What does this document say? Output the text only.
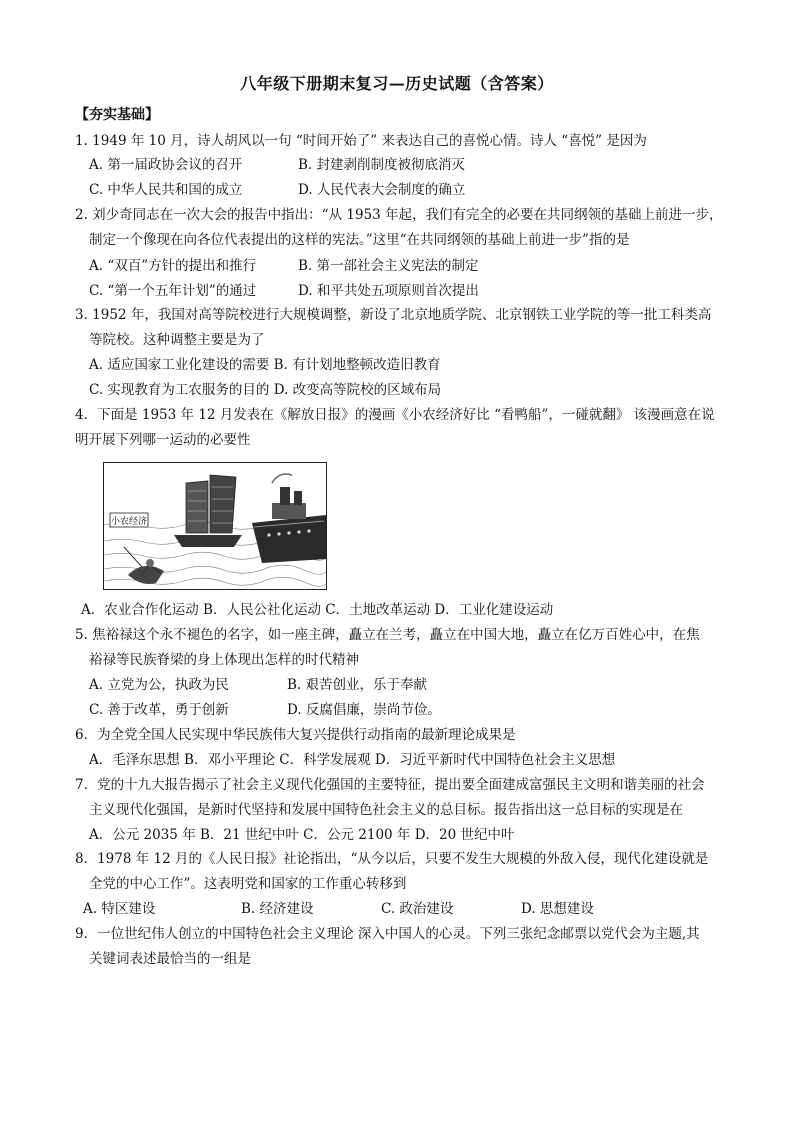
八年级下册期末复习—历史试题（含答案）
【夯实基础】
1. 1949 年 10 月，诗人胡风以一句 “时间开始了” 来表达自己的喜悦心情。诗人 “喜悦” 是因为
A. 第一届政协会议的召开	B. 封建剥削制度被彻底消灭
C. 中华人民共和国的成立	D. 人民代表大会制度的确立
2. 刘少奇同志在一次大会的报告中指出：“从 1953 年起，我们有完全的必要在共同纲领的基础上前进一步，
制定一个像现在向各位代表提出的这样的宪法。”这里“在共同纲领的基础上前进一步”指的是
A. “双百”方针的提出和推行	B. 第一部社会主义宪法的制定
C. “第一个五年计划”的通过	D. 和平共处五项原则首次提出
3. 1952 年，我国对高等院校进行大规模调整，新设了北京地质学院、北京钢铁工业学院的等一批工科类高
等院校。这种调整主要是为了
A. 适应国家工业化建设的需要 B. 有计划地整顿改造旧教育
C. 实现教育为工农服务的目的 D. 改变高等院校的区域布局
4．下面是 1953 年 12 月发表在《解放日报》的漫画《小农经济好比 “看鸭船”，一碰就翻》 该漫画意在说
明开展下列哪一运动的必要性
小农经济
A．农业合作化运动 B．人民公社化运动 C．土地改革运动 D．工业化建设运动
5. 焦裕禄这个永不褪色的名字，如一座主碑，矗立在兰考，矗立在中国大地，矗立在亿万百姓心中，在焦
裕禄等民族脊梁的身上体现出怎样的时代精神
A. 立党为公，执政为民	B. 艰苦创业，乐于奉献
C. 善于改革，勇于创新	D. 反腐倡廉，崇尚节俭。
6．为全党全国人民实现中华民族伟大复兴提供行动指南的最新理论成果是
A．毛泽东思想 B．邓小平理论 C．科学发展观 D．习近平新时代中国特色社会主义思想
7．党的十九大报告揭示了社会主义现代化强国的主要特征，提出要全面建成富强民主文明和谐美丽的社会
主义现代化强国，是新时代坚持和发展中国特色社会主义的总目标。报告指出这一总目标的实现是在
A．公元 2035 年 B．21 世纪中叶 C．公元 2100 年 D．20 世纪中叶
8．1978 年 12 月的《人民日报》社论指出，“从今以后，只要不发生大规模的外敌入侵，现代化建设就是
全党的中心工作”。这表明党和国家的工作重心转移到
A. 特区建设	B. 经济建设	C. 政治建设	D. 思想建设
9．一位世纪伟人创立的中国特色社会主义理论 深入中国人的心灵。下列三张纪念邮票以党代会为主题,其
关键词表述最恰当的一组是
